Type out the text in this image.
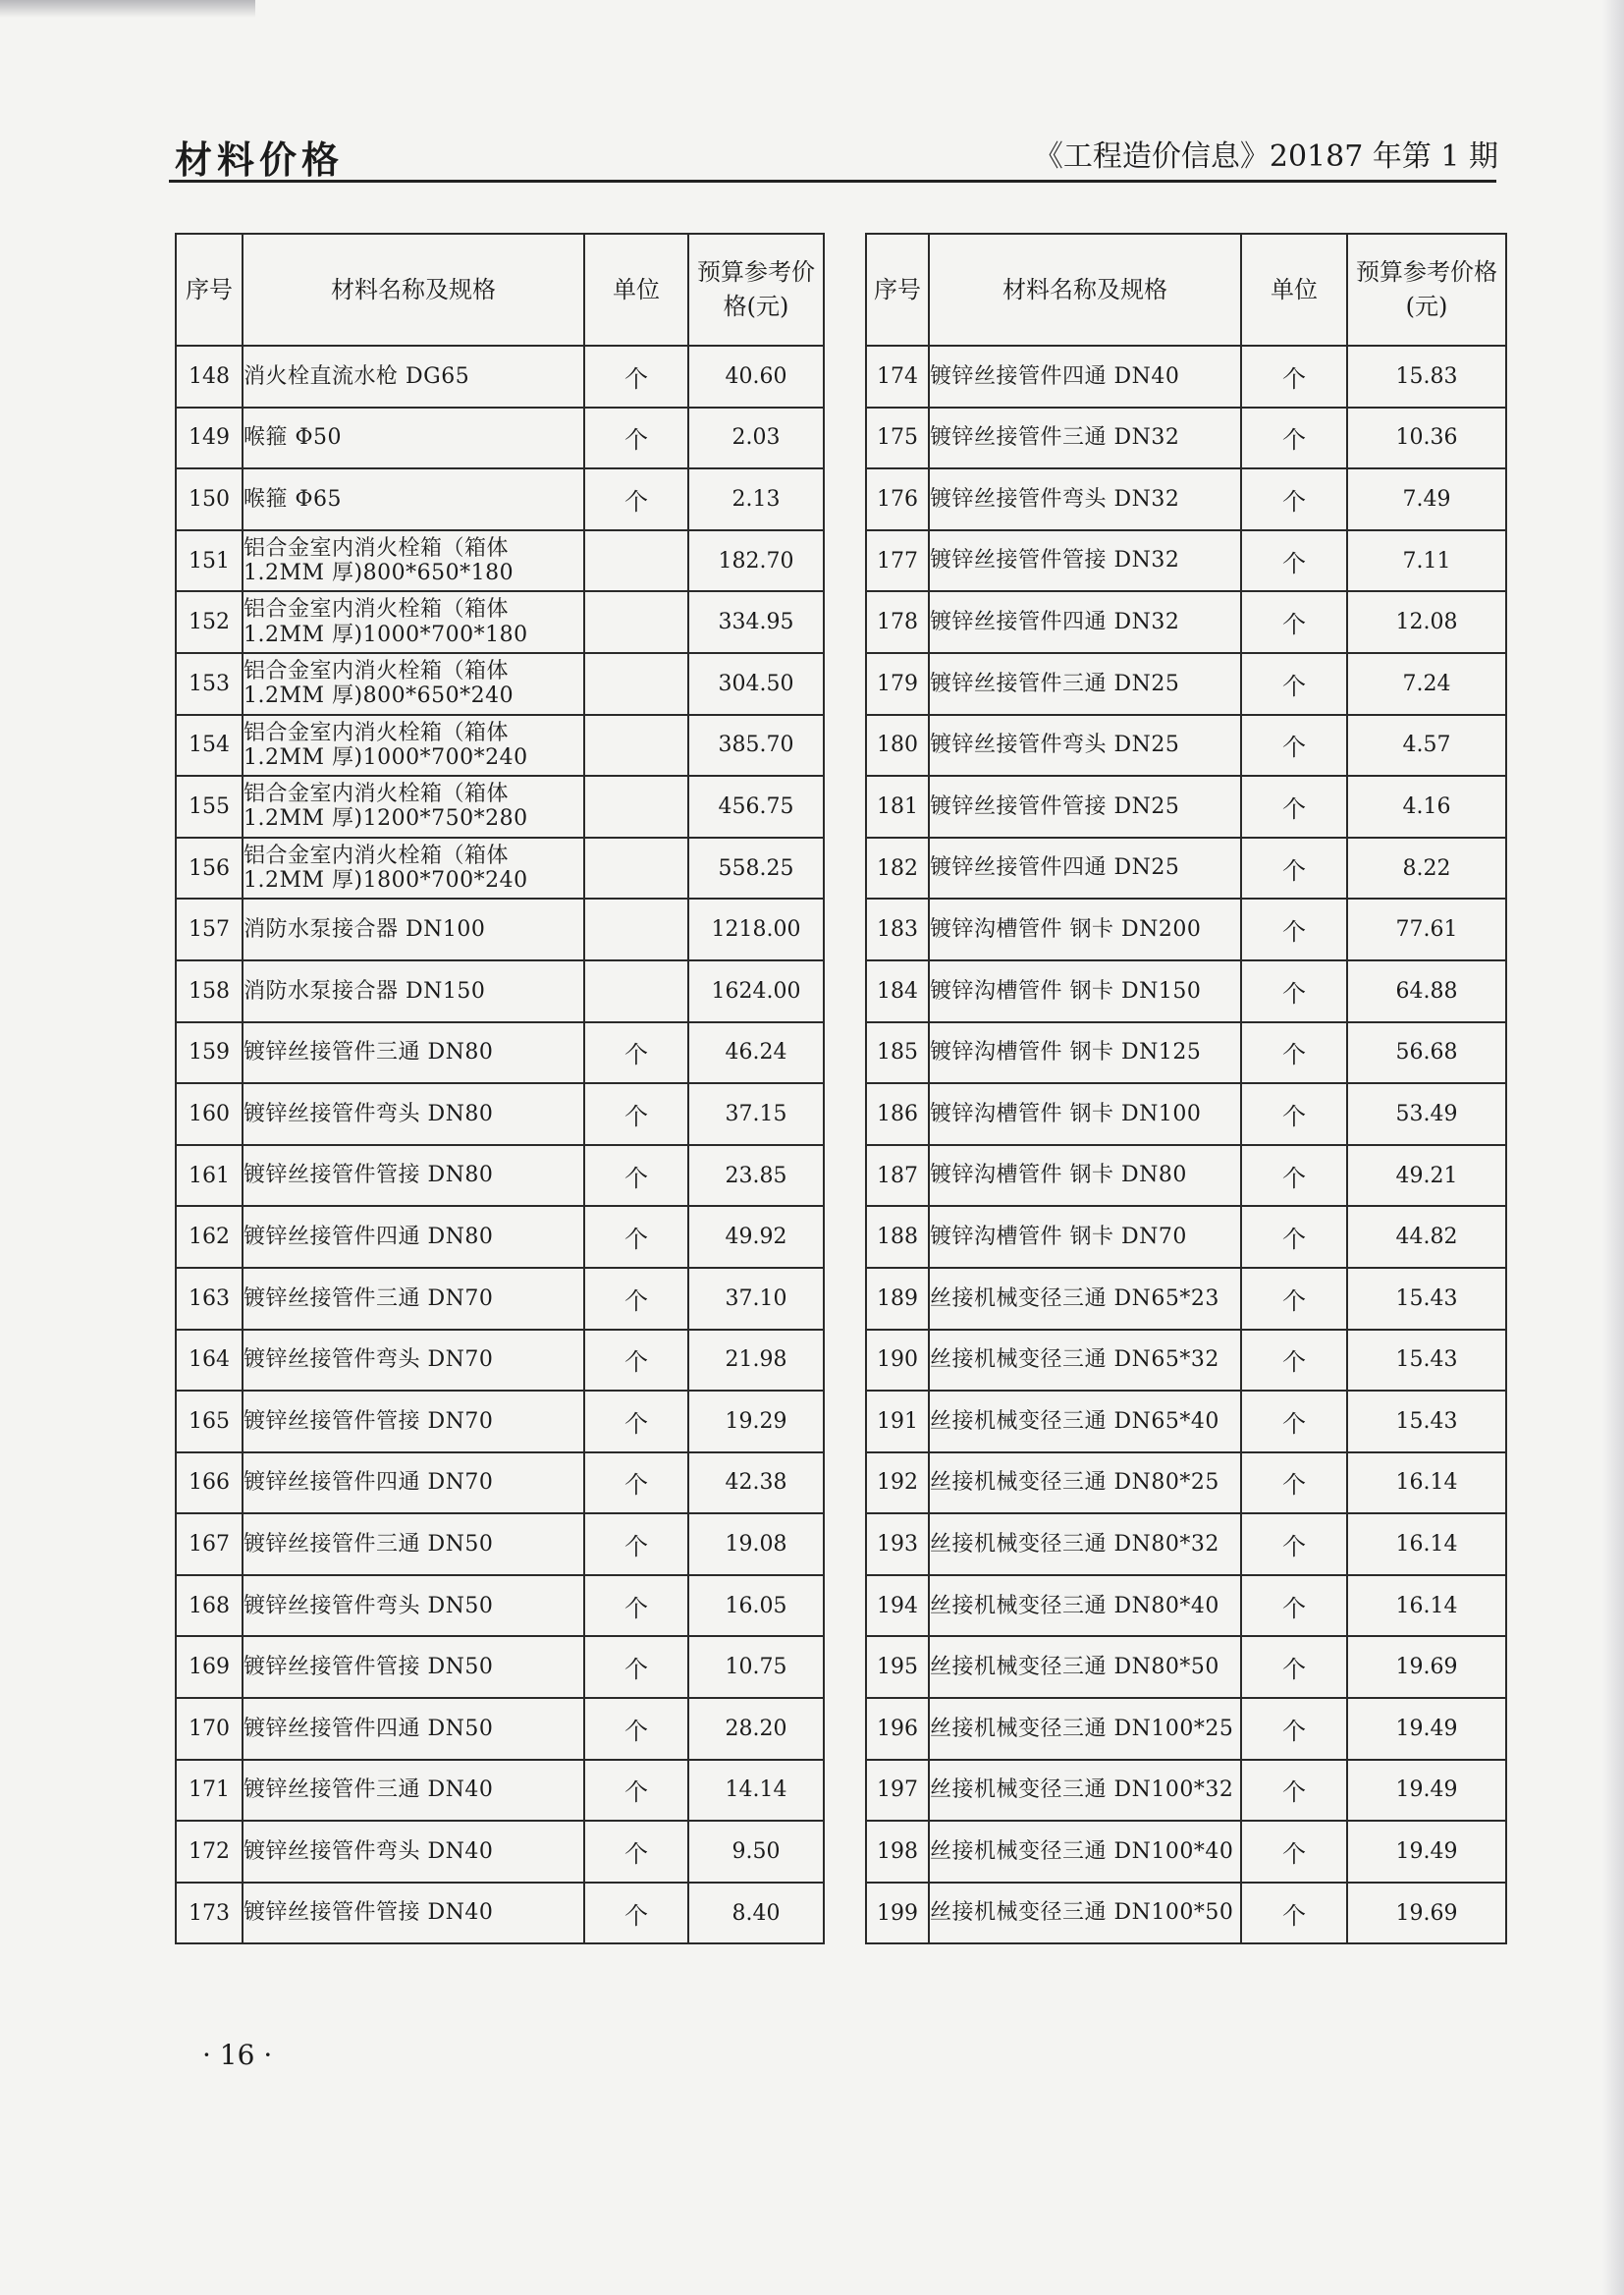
材料价格	《工程造价信息》20187 年第 1 期
序号	材料名称及规格	单位	预算参考价格(元)
148	消火栓直流水枪 DG65	个	40.60
149	喉箍 Φ50	个	2.03
150	喉箍 Φ65	个	2.13
151	铝合金室内消火栓箱（箱体1.2MM 厚)800*650*180		182.70
152	铝合金室内消火栓箱（箱体1.2MM 厚)1000*700*180		334.95
153	铝合金室内消火栓箱（箱体1.2MM 厚)800*650*240		304.50
154	铝合金室内消火栓箱（箱体1.2MM 厚)1000*700*240		385.70
155	铝合金室内消火栓箱（箱体1.2MM 厚)1200*750*280		456.75
156	铝合金室内消火栓箱（箱体1.2MM 厚)1800*700*240		558.25
157	消防水泵接合器 DN100		1218.00
158	消防水泵接合器 DN150		1624.00
159	镀锌丝接管件三通 DN80	个	46.24
160	镀锌丝接管件弯头 DN80	个	37.15
161	镀锌丝接管件管接 DN80	个	23.85
162	镀锌丝接管件四通 DN80	个	49.92
163	镀锌丝接管件三通 DN70	个	37.10
164	镀锌丝接管件弯头 DN70	个	21.98
165	镀锌丝接管件管接 DN70	个	19.29
166	镀锌丝接管件四通 DN70	个	42.38
167	镀锌丝接管件三通 DN50	个	19.08
168	镀锌丝接管件弯头 DN50	个	16.05
169	镀锌丝接管件管接 DN50	个	10.75
170	镀锌丝接管件四通 DN50	个	28.20
171	镀锌丝接管件三通 DN40	个	14.14
172	镀锌丝接管件弯头 DN40	个	9.50
173	镀锌丝接管件管接 DN40	个	8.40
序号	材料名称及规格	单位	预算参考价格(元)
174	镀锌丝接管件四通 DN40	个	15.83
175	镀锌丝接管件三通 DN32	个	10.36
176	镀锌丝接管件弯头 DN32	个	7.49
177	镀锌丝接管件管接 DN32	个	7.11
178	镀锌丝接管件四通 DN32	个	12.08
179	镀锌丝接管件三通 DN25	个	7.24
180	镀锌丝接管件弯头 DN25	个	4.57
181	镀锌丝接管件管接 DN25	个	4.16
182	镀锌丝接管件四通 DN25	个	8.22
183	镀锌沟槽管件 钢卡 DN200	个	77.61
184	镀锌沟槽管件 钢卡 DN150	个	64.88
185	镀锌沟槽管件 钢卡 DN125	个	56.68
186	镀锌沟槽管件 钢卡 DN100	个	53.49
187	镀锌沟槽管件 钢卡 DN80	个	49.21
188	镀锌沟槽管件 钢卡 DN70	个	44.82
189	丝接机械变径三通 DN65*23	个	15.43
190	丝接机械变径三通 DN65*32	个	15.43
191	丝接机械变径三通 DN65*40	个	15.43
192	丝接机械变径三通 DN80*25	个	16.14
193	丝接机械变径三通 DN80*32	个	16.14
194	丝接机械变径三通 DN80*40	个	16.14
195	丝接机械变径三通 DN80*50	个	19.69
196	丝接机械变径三通 DN100*25	个	19.49
197	丝接机械变径三通 DN100*32	个	19.49
198	丝接机械变径三通 DN100*40	个	19.49
199	丝接机械变径三通 DN100*50	个	19.69
· 16 ·
